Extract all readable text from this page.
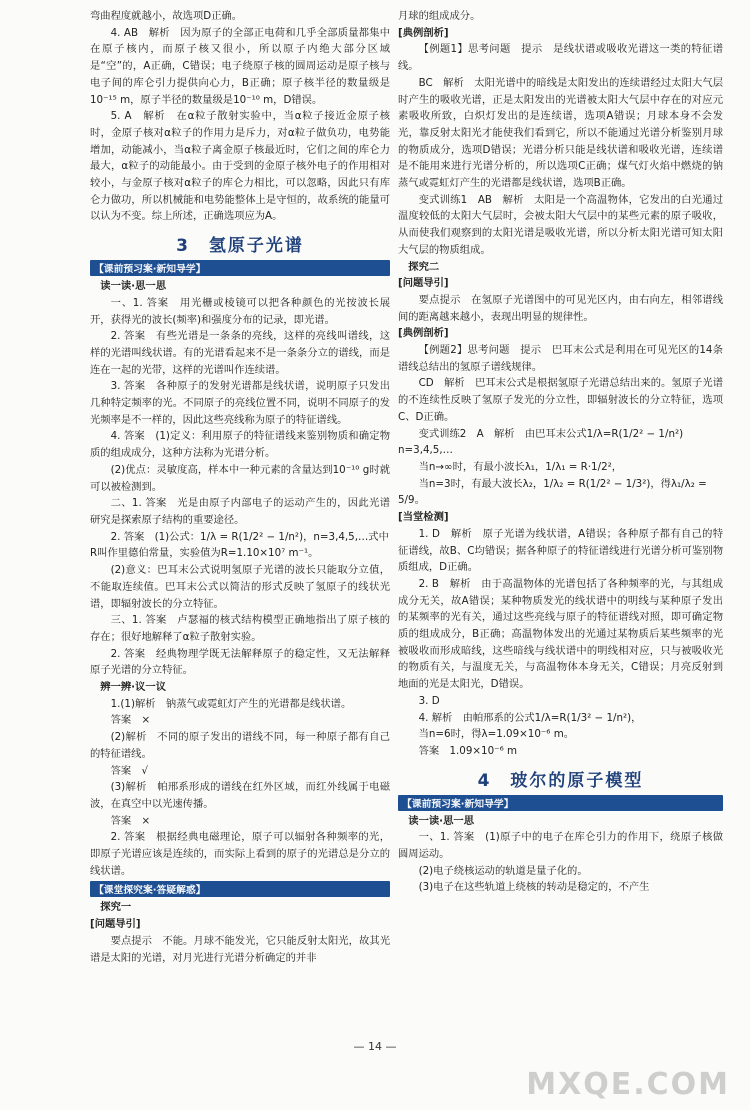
弯曲程度就越小，故选项D正确。

4. AB　解析　因为原子的全部正电荷和几乎全部质量都集中在原子核内，而原子核又很小，所以原子内绝大部分区域是“空”的，A正确，C错误；电子绕原子核的圆周运动是原子核与电子间的库仑引力提供向心力，B正确；原子核半径的数量级是10⁻¹⁵ m，原子半径的数量级是10⁻¹⁰ m，D错误。

5. A　解析　在α粒子散射实验中，当α粒子接近金原子核时，金原子核对α粒子的作用力是斥力，对α粒子做负功，电势能增加，动能减小，当α粒子离金原子核最近时，它们之间的库仑力最大，α粒子的动能最小。由于受到的金原子核外电子的作用相对较小，与金原子核对α粒子的库仑力相比，可以忽略，因此只有库仑力做功，所以机械能和电势能整体上是守恒的，故系统的能量可以认为不变。综上所述，正确选项应为A。

3　氢原子光谱
【课前预习案·新知导学】
读一读·思一思

一、1. 答案　用光栅或棱镜可以把各种颜色的光按波长展开，获得光的波长(频率)和强度分布的记录，即光谱。

2. 答案　有些光谱是一条条的亮线，这样的亮线叫谱线，这样的光谱叫线状谱。有的光谱看起来不是一条条分立的谱线，而是连在一起的光带，这样的光谱叫作连续谱。

3. 答案　各种原子的发射光谱都是线状谱，说明原子只发出几种特定频率的光。不同原子的亮线位置不同，说明不同原子的发光频率是不一样的，因此这些亮线称为原子的特征谱线。

4. 答案　(1)定义：利用原子的特征谱线来鉴别物质和确定物质的组成成分，这种方法称为光谱分析。

(2)优点：灵敏度高，样本中一种元素的含量达到10⁻¹⁰ g时就可以被检测到。

二、1. 答案　光是由原子内部电子的运动产生的，因此光谱研究是探索原子结构的重要途径。

2. 答案　(1)公式：1/λ = R(1/2² − 1/n²)，n=3,4,5,…式中

R叫作里德伯常量，实验值为R=1.10×10⁷ m⁻¹。

(2)意义：巴耳末公式说明氢原子光谱的波长只能取分立值，不能取连续值。巴耳末公式以简洁的形式反映了氢原子的线状光谱，即辐射波长的分立特征。

三、1. 答案　卢瑟福的核式结构模型正确地指出了原子核的存在；很好地解释了α粒子散射实验。

2. 答案　经典物理学既无法解释原子的稳定性，又无法解释原子光谱的分立特征。

辨一辨·议一议

1.(1)解析　钠蒸气或霓虹灯产生的光谱都是线状谱。

答案　×

(2)解析　不同的原子发出的谱线不同，每一种原子都有自己的特征谱线。

答案　√

(3)解析　帕邢系形成的谱线在红外区域，而红外线属于电磁波，在真空中以光速传播。

答案　×

2. 答案　根据经典电磁理论，原子可以辐射各种频率的光，即原子光谱应该是连续的，而实际上看到的原子的光谱总是分立的线状谱。

【课堂探究案·答疑解惑】
探究一
[问题导引]

要点提示　不能。月球不能发光，它只能反射太阳光，故其光谱是太阳的光谱，对月光进行光谱分析确定的并非

月球的组成成分。

[典例剖析]

【例题1】思考问题　提示　是线状谱或吸收光谱这一类的特征谱线。

BC　解析　太阳光谱中的暗线是太阳发出的连续谱经过太阳大气层时产生的吸收光谱，正是太阳发出的光谱被太阳大气层中存在的对应元素吸收所致，白炽灯发出的是连续谱，选项A错误；月球本身不会发光，靠反射太阳光才能使我们看到它，所以不能通过光谱分析鉴别月球的物质成分，选项D错误；光谱分析只能是线状谱和吸收光谱，连续谱是不能用来进行光谱分析的，所以选项C正确；煤气灯火焰中燃烧的钠蒸气或霓虹灯产生的光谱都是线状谱，选项B正确。

变式训练1　AB　解析　太阳是一个高温物体，它发出的白光通过温度较低的太阳大气层时，会被太阳大气层中的某些元素的原子吸收，从而使我们观察到的太阳光谱是吸收光谱，所以分析太阳光谱可知太阳大气层的物质组成。

探究二
[问题导引]

要点提示　在氢原子光谱图中的可见光区内，由右向左，相邻谱线间的距离越来越小，表现出明显的规律性。

[典例剖析]

【例题2】思考问题　提示　巴耳末公式是利用在可见光区的14条谱线总结出的氢原子谱线规律。

CD　解析　巴耳末公式是根据氢原子光谱总结出来的。氢原子光谱的不连续性反映了氢原子发光的分立性，即辐射波长的分立特征，选项C、D正确。

变式训练2　A　解析　由巴耳末公式1/λ=R(1/2² − 1/n²)

n=3,4,5,…

当n→∞时，有最小波长λ₁，1/λ₁ = R·1/2²，

当n=3时，有最大波长λ₂，1/λ₂ = R(1/2² − 1/3²)，得λ₁/λ₂ =

5/9。

[当堂检测]

1. D　解析　原子光谱为线状谱，A错误；各种原子都有自己的特征谱线，故B、C均错误；据各种原子的特征谱线进行光谱分析可鉴别物质组成，D正确。

2. B　解析　由于高温物体的光谱包括了各种频率的光，与其组成成分无关，故A错误；某种物质发光的线状谱中的明线与某种原子发出的某频率的光有关，通过这些亮线与原子的特征谱线对照，即可确定物质的组成成分，B正确；高温物体发出的光通过某物质后某些频率的光被吸收而形成暗线，这些暗线与线状谱中的明线相对应，只与被吸收光的物质有关，与温度无关，与高温物体本身无关，C错误；月亮反射到地面的光是太阳光，D错误。

3. D

4. 解析　由帕邢系的公式1/λ=R(1/3² − 1/n²)，

当n=6时，得λ=1.09×10⁻⁶ m。

答案　1.09×10⁻⁶ m

4　玻尔的原子模型
【课前预习案·新知导学】
读一读·思一思

一、1. 答案　(1)原子中的电子在库仑引力的作用下，绕原子核做圆周运动。

(2)电子绕核运动的轨道是量子化的。

(3)电子在这些轨道上绕核的转动是稳定的，不产生

— 14 —
MXQE.COM
